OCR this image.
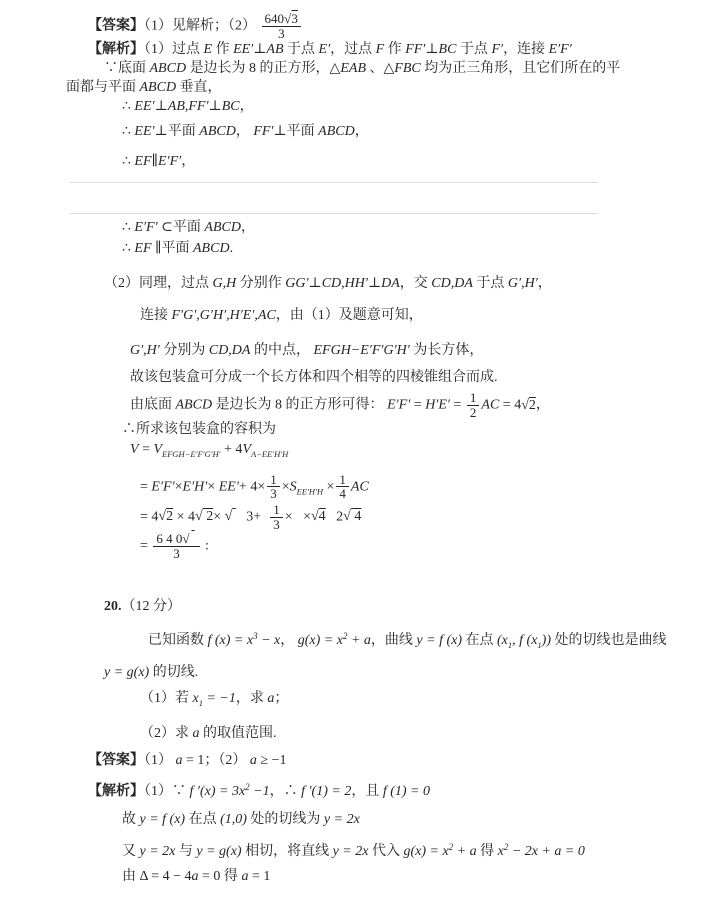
【答案】（1）见解析；$(2) \frac{640√3}{3}$
【解析】（1）过点 E 作 EE′⊥AB 于点 E′，过点 F 作 FF′⊥BC 于点 F′，连接 E′F′
∵底面 ABCD 是边长为 8 的正方形，△EAB 、△FBC 均为正三角形，且它们所在的平
面都与平面 ABCD 垂直，
∴ EE′⊥AB,FF′⊥BC，
∴ EE′⊥平面 ABCD， FF′⊥平面 ABCD，
∴ EF∥E′F′，
∴ E′F′ ⊂平面 ABCD，
∴ EF ∥平面 ABCD.
（2）同理，过点 G,H 分别作 GG′⊥CD,HH′⊥DA，交 CD,DA 于点 G′,H′，
连接 F′G′,G′H′,H′E′,AC，由（1）及题意可知，
G′,H′ 分别为 CD,DA 的中点， EFGH−E′F′G′H′ 为长方体，
故该包装盒可分成一个长方体和四个相等的四棱锥组合而成.
由底面 ABCD 是边长为 8 的正方形可得： $E'F' = H'E' = \frac{1}{2}$ AC = 4√2，
∴所求该包装盒的容积为
$V = V_{EFGH-E'F'G'H'} + 4V_{A-EE'H'H}$
= $E'F'\times E'H'\times EE'+ 4\times \frac{1}{3} \times S_{EE'H'H} \times \frac{1}{4}$ AC
= 4√2 × 4√ 2× √   $3+ \frac{1}{3} \times \times√4$   2√ 4
= $\frac{6 4 0√}{3}$ :
20.（12 分）
已知函数 f $(x) = x^3 - x$， $g(x) = x^2 + a$，曲线 y = f (x) 在点 ($x_1$, f $(x_1)$) 处的切线也是曲线
y = g(x) 的切线.
（1）若 $x_1 = -1$，求 a；
（2）求 a 的取值范围.
【答案】（1） a = 1；（2） a ≥ −1
【解析】（1）∵ f $'(x) = 3x^2 -1$，∴ f ′(1) = 2，且 f (1) = 0
故 y = f (x) 在点 (1,0) 处的切线为 y = 2x
又 y = 2x 与 y = g(x) 相切，将直线 y = 2x 代入 $g(x) = x^2 + a$ 得 $x^2 - 2x + a = 0$
由 Δ = 4 − 4a = 0 得 a = 1
